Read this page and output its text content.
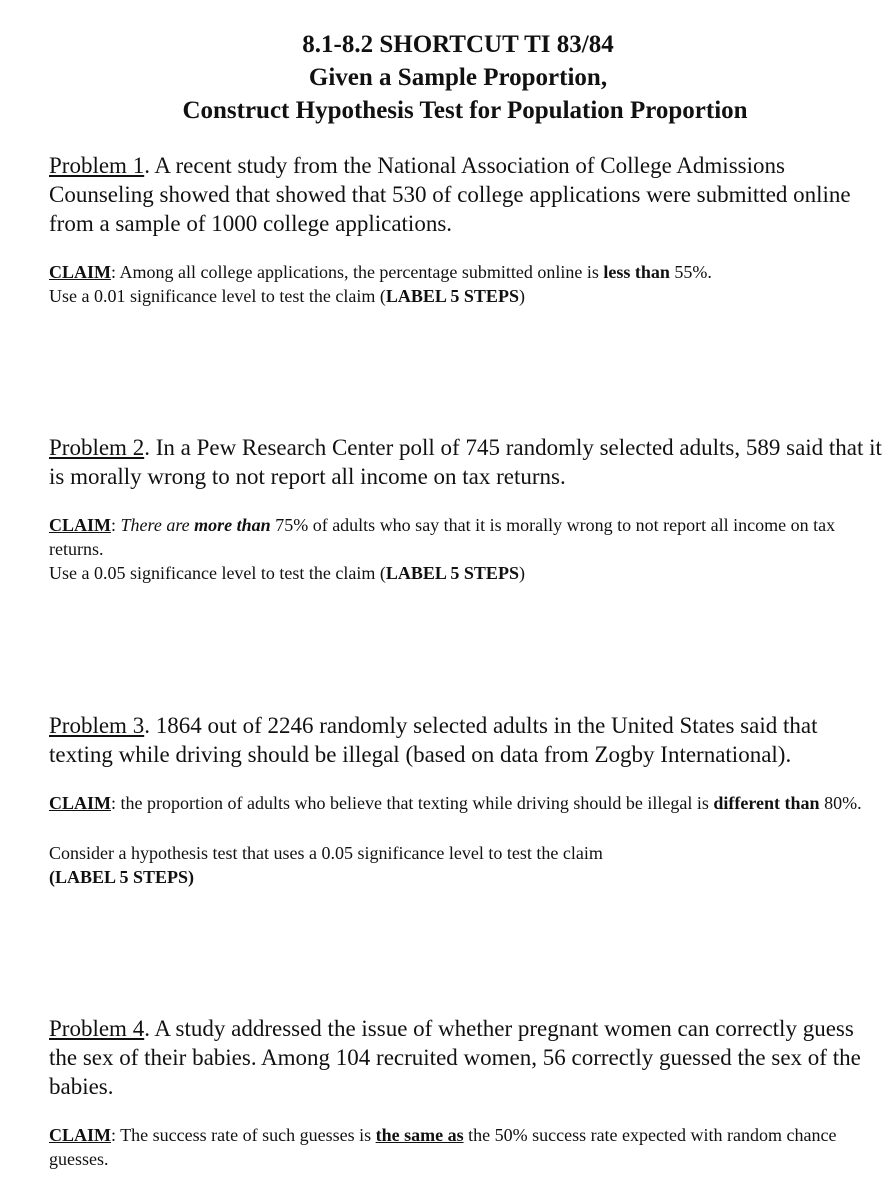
8.1-8.2 SHORTCUT TI 83/84
Given a Sample Proportion,
Construct Hypothesis Test for Population Proportion

Problem 1. A recent study from the National Association of College Admissions Counseling showed that showed that 530 of college applications were submitted online from a sample of 1000 college applications.

CLAIM: Among all college applications, the percentage submitted online is less than 55%.

Use a 0.01 significance level to test the claim (LABEL 5 STEPS)

Problem 2. In a Pew Research Center poll of 745 randomly selected adults, 589 said that it is morally wrong to not report all income on tax returns.

CLAIM: There are more than 75% of adults who say that it is morally wrong to not report all income on tax returns.

Use a 0.05 significance level to test the claim (LABEL 5 STEPS)

Problem 3. 1864 out of 2246 randomly selected adults in the United States said that texting while driving should be illegal (based on data from Zogby International).

CLAIM: the proportion of adults who believe that texting while driving should be illegal is different than 80%.

Consider a hypothesis test that uses a 0.05 significance level to test the claim

(LABEL 5 STEPS)

Problem 4. A study addressed the issue of whether pregnant women can correctly guess the sex of their babies. Among 104 recruited women, 56 correctly guessed the sex of the babies.

CLAIM: The success rate of such guesses is the same as the 50% success rate expected with random chance guesses.
